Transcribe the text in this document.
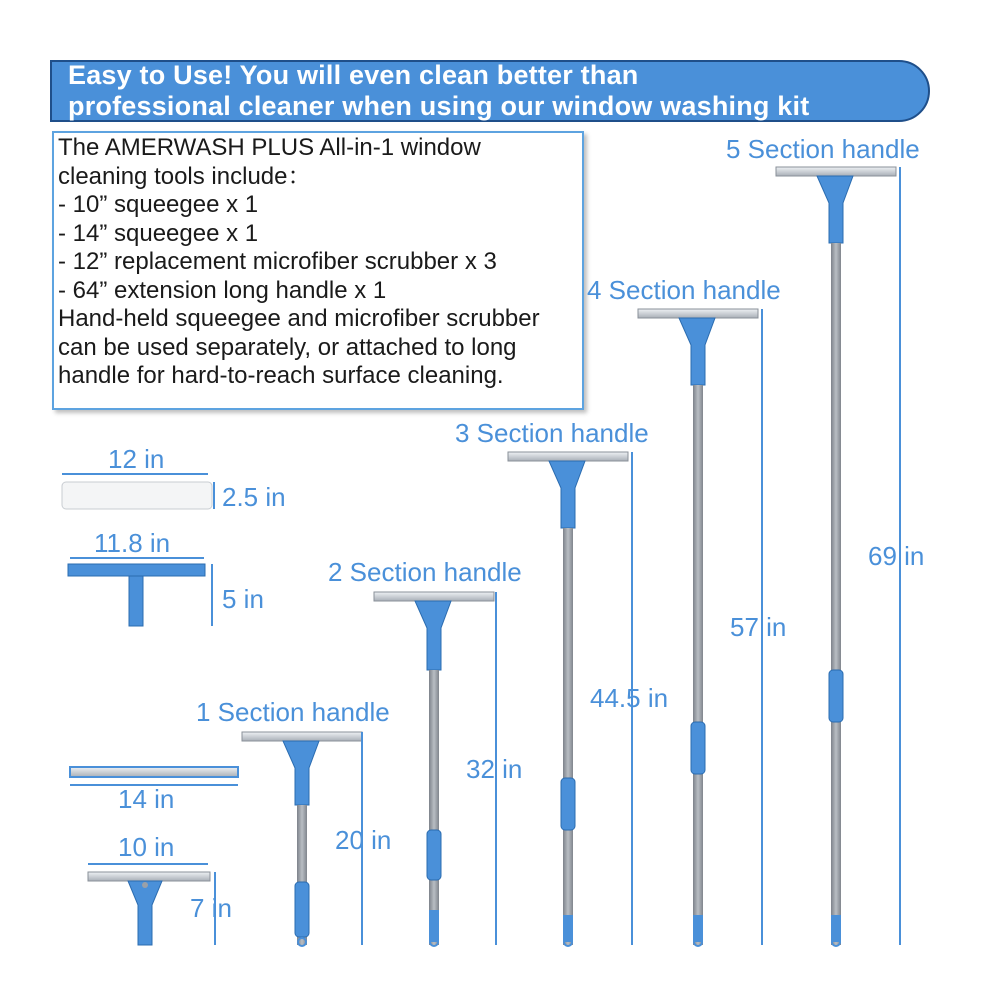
Easy to Use! You will even clean better than
professional cleaner when using our window washing kit
The AMERWASH PLUS All-in-1 window
cleaning tools include：
- 10” squeegee x 1
- 14” squeegee x 1
- 12” replacement microfiber scrubber x 3
- 64” extension long handle x 1
Hand-held squeegee and microfiber scrubber
can be used separately, or attached to long
handle for hard-to-reach surface cleaning.
12 in
2.5 in
11.8 in
5 in
14 in
10 in
7 in
1 Section handle
20 in
2 Section handle
32 in
3 Section handle
44.5 in
4 Section handle
57 in
5 Section handle
69 in
